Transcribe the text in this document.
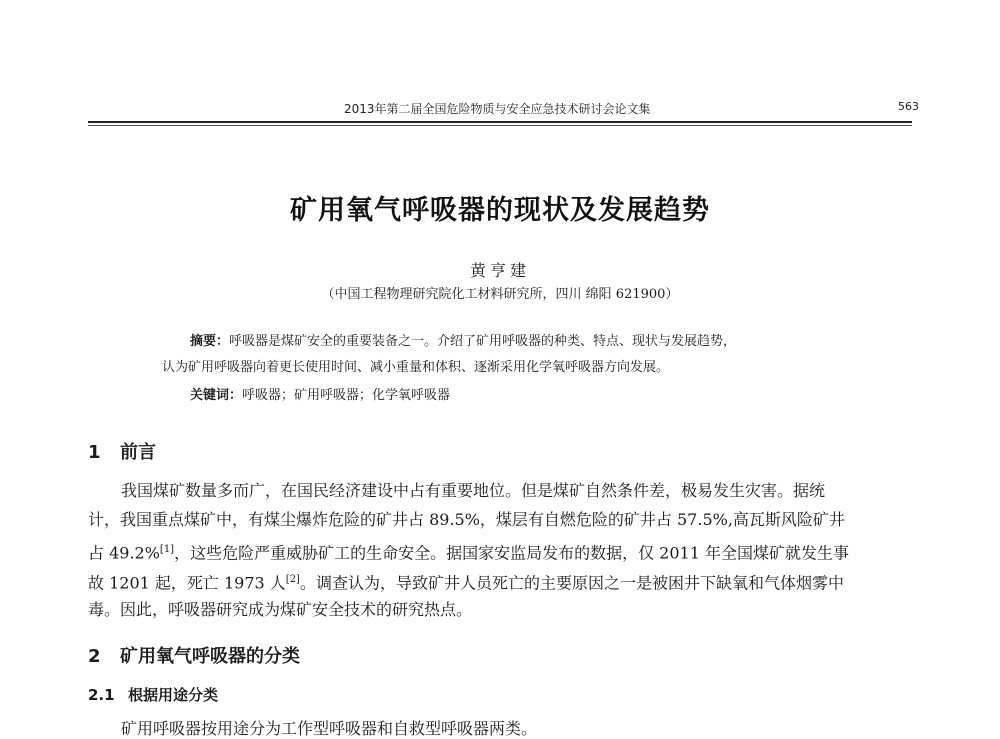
2013年第二届全国危险物质与安全应急技术研讨会论文集	563
矿用氧气呼吸器的现状及发展趋势
黄亨建
（中国工程物理研究院化工材料研究所，四川 绵阳 621900）
摘要：呼吸器是煤矿安全的重要装备之一。介绍了矿用呼吸器的种类、特点、现状与发展趋势，
认为矿用呼吸器向着更长使用时间、减小重量和体积、逐渐采用化学氧呼吸器方向发展。
关键词：呼吸器；矿用呼吸器；化学氧呼吸器
1 前言
我国煤矿数量多而广，在国民经济建设中占有重要地位。但是煤矿自然条件差，极易发生灾害。据统
计，我国重点煤矿中，有煤尘爆炸危险的矿井占 89.5%，煤层有自燃危险的矿井占 57.5%,高瓦斯风险矿井
占 49.2%[1]，这些危险严重威胁矿工的生命安全。据国家安监局发布的数据，仅 2011 年全国煤矿就发生事
故 1201 起，死亡 1973 人[2]。调查认为，导致矿井人员死亡的主要原因之一是被困井下缺氧和气体烟雾中
毒。因此，呼吸器研究成为煤矿安全技术的研究热点。
2 矿用氧气呼吸器的分类
2.1 根据用途分类
矿用呼吸器按用途分为工作型呼吸器和自救型呼吸器两类。
